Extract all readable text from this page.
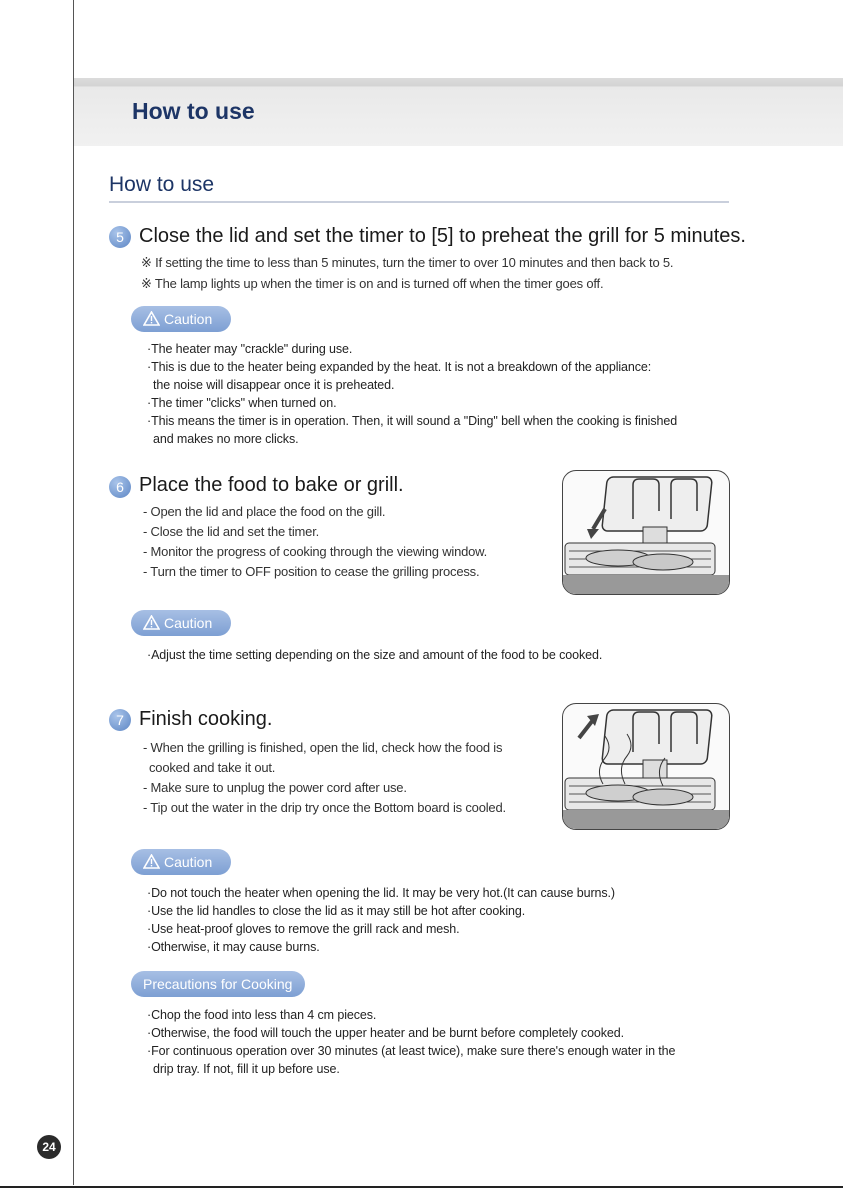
How to use
How to use
5 Close the lid and set the timer to [5] to preheat the grill for 5 minutes.
※ If setting the time to less than 5 minutes, turn the timer to over 10 minutes and then back to 5.
※ The lamp lights up when the timer is on and is turned off when the timer goes off.
Caution
·The heater may "crackle" during use.
·This is due to the heater being expanded by the heat. It is not a breakdown of the appliance:
the noise will disappear once it is preheated.
·The timer "clicks" when turned on.
·This means the timer is in operation. Then, it will sound a "Ding" bell when the cooking is finished
and makes no more clicks.
6 Place the food to bake or grill.
- Open the lid and place the food on the gill.
- Close the lid and set the timer.
- Monitor the progress of cooking through the viewing window.
- Turn the timer to OFF position to cease the grilling process.
Caution
·Adjust the time setting depending on the size and amount of the food to be cooked.
7 Finish cooking.
- When the grilling is finished, open the lid, check how the food is
cooked and take it out.
- Make sure to unplug the power cord after use.
- Tip out the water in the drip try once the Bottom board is cooled.
Caution
·Do not touch the heater when opening the lid. It may be very hot.(It can cause burns.)
·Use the lid handles to close the lid as it may still be hot after cooking.
·Use heat-proof gloves to remove the grill rack and mesh.
·Otherwise, it may cause burns.
Precautions for Cooking
·Chop the food into less than 4 cm pieces.
·Otherwise, the food will touch the upper heater and be burnt before completely cooked.
·For continuous operation over 30 minutes (at least twice), make sure there's enough water in the
drip tray. If not, fill it up before use.
24
